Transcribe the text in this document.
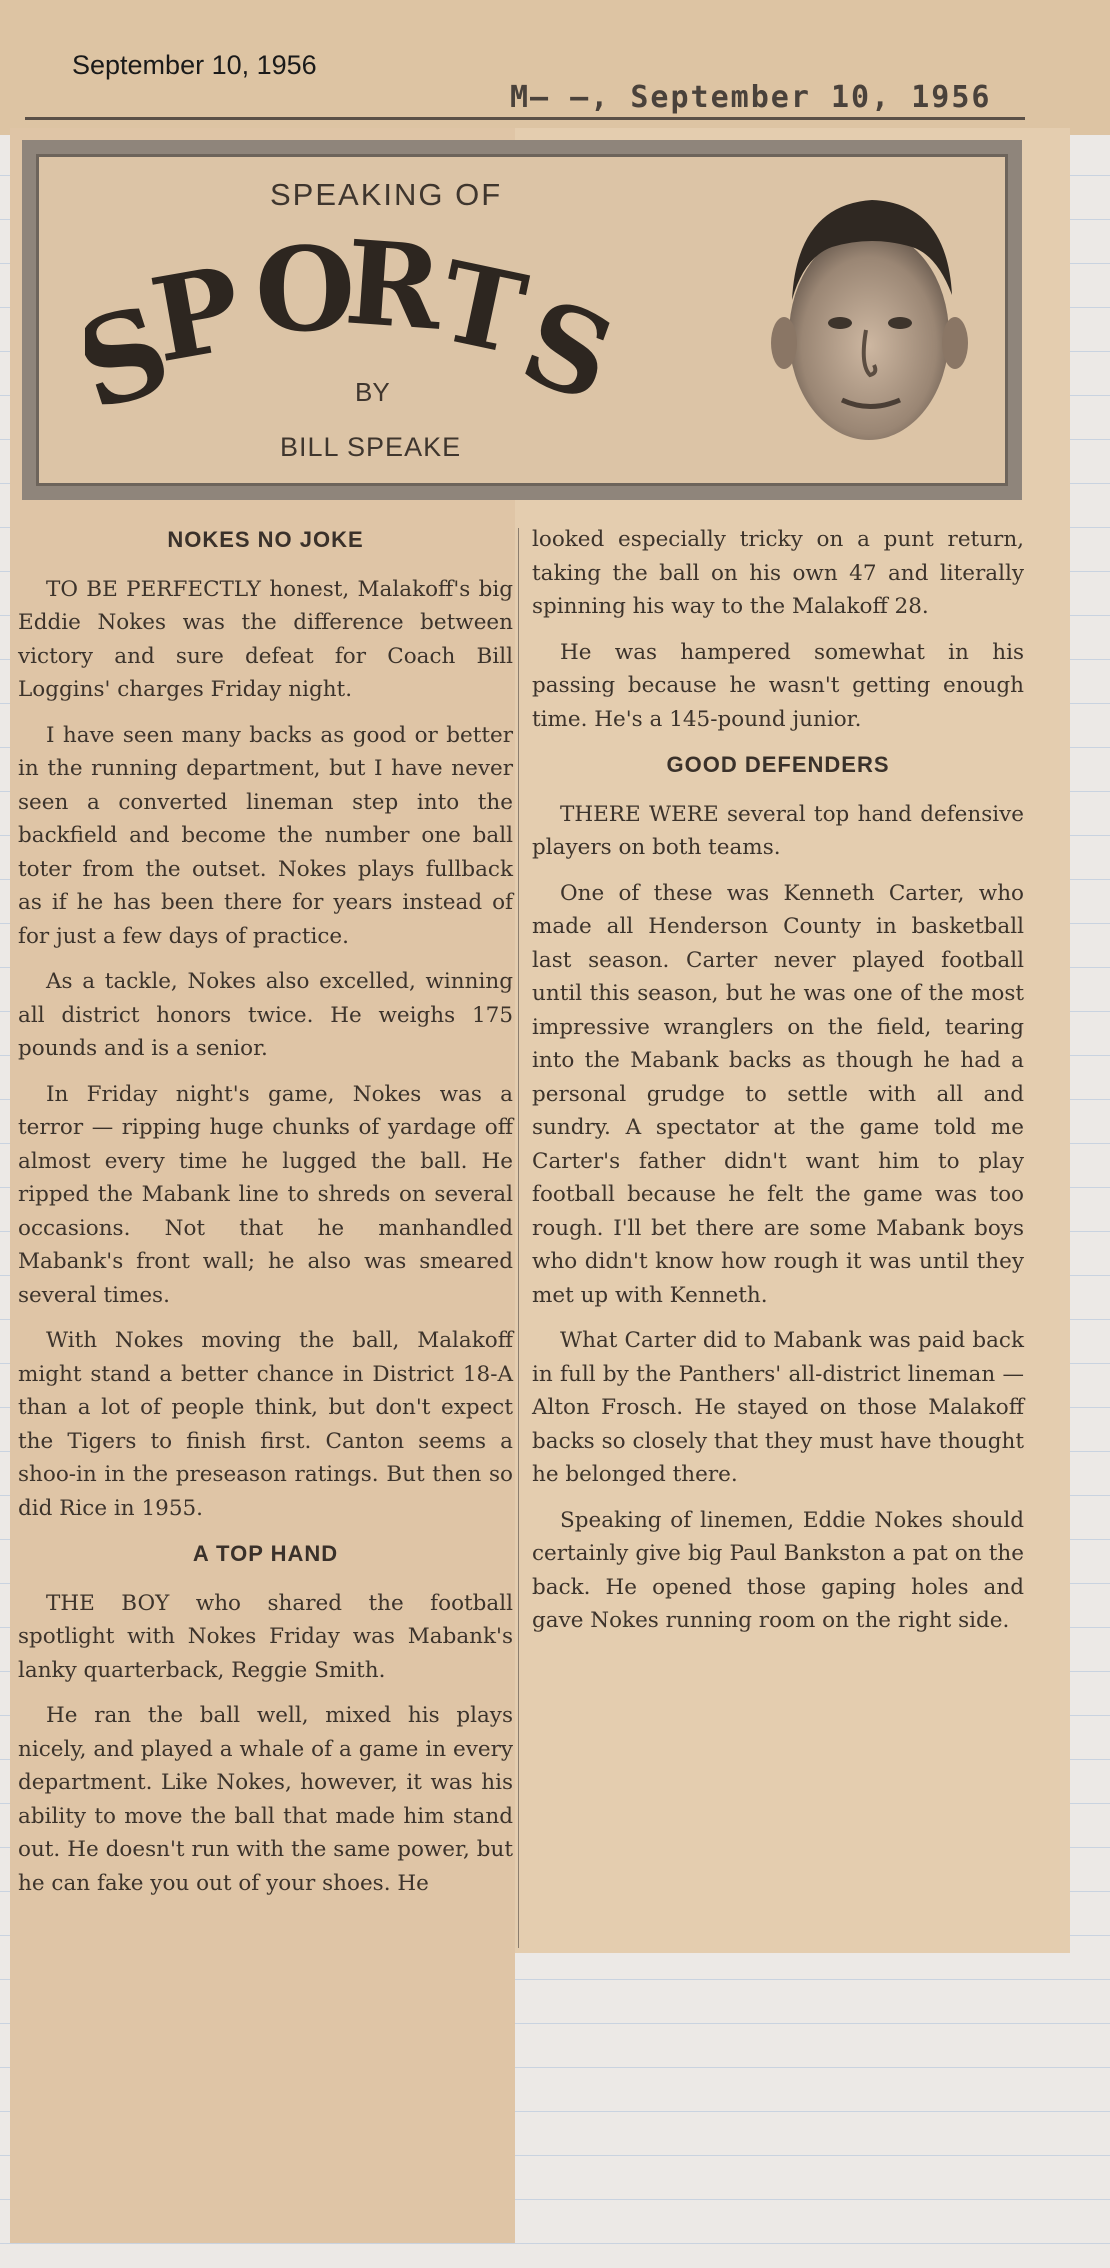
September 10, 1956
M— —, September 10, 1956
SPEAKING OF
S
P O
R
T
S
BY
BILL SPEAKE
NOKES NO JOKE

TO BE PERFECTLY honest, Malakoff's big Eddie Nokes was the difference between victory and sure defeat for Coach Bill Loggins' charges Friday night.

I have seen many backs as good or better in the running department, but I have never seen a converted lineman step into the backfield and become the number one ball toter from the outset. Nokes plays fullback as if he has been there for years instead of for just a few days of practice.

As a tackle, Nokes also excelled, winning all district honors twice. He weighs 175 pounds and is a senior.

In Friday night's game, Nokes was a terror — ripping huge chunks of yardage off almost every time he lugged the ball. He ripped the Mabank line to shreds on several occasions. Not that he manhandled Mabank's front wall; he also was smeared several times.

With Nokes moving the ball, Malakoff might stand a better chance in District 18-A than a lot of people think, but don't expect the Tigers to finish first. Canton seems a shoo-in in the preseason ratings. But then so did Rice in 1955.

A TOP HAND

THE BOY who shared the football spotlight with Nokes Friday was Mabank's lanky quarterback, Reggie Smith.

He ran the ball well, mixed his plays nicely, and played a whale of a game in every department. Like Nokes, however, it was his ability to move the ball that made him stand out. He doesn't run with the same power, but he can fake you out of your shoes. He

looked especially tricky on a punt return, taking the ball on his own 47 and literally spinning his way to the Malakoff 28.

He was hampered somewhat in his passing because he wasn't getting enough time. He's a 145-pound junior.

GOOD DEFENDERS

THERE WERE several top hand defensive players on both teams.

One of these was Kenneth Carter, who made all Henderson County in basketball last season. Carter never played football until this season, but he was one of the most impressive wranglers on the field, tearing into the Mabank backs as though he had a personal grudge to settle with all and sundry. A spectator at the game told me Carter's father didn't want him to play football because he felt the game was too rough. I'll bet there are some Mabank boys who didn't know how rough it was until they met up with Kenneth.

What Carter did to Mabank was paid back in full by the Panthers' all-district lineman — Alton Frosch. He stayed on those Malakoff backs so closely that they must have thought he belonged there.

Speaking of linemen, Eddie Nokes should certainly give big Paul Bankston a pat on the back. He opened those gaping holes and gave Nokes running room on the right side.
